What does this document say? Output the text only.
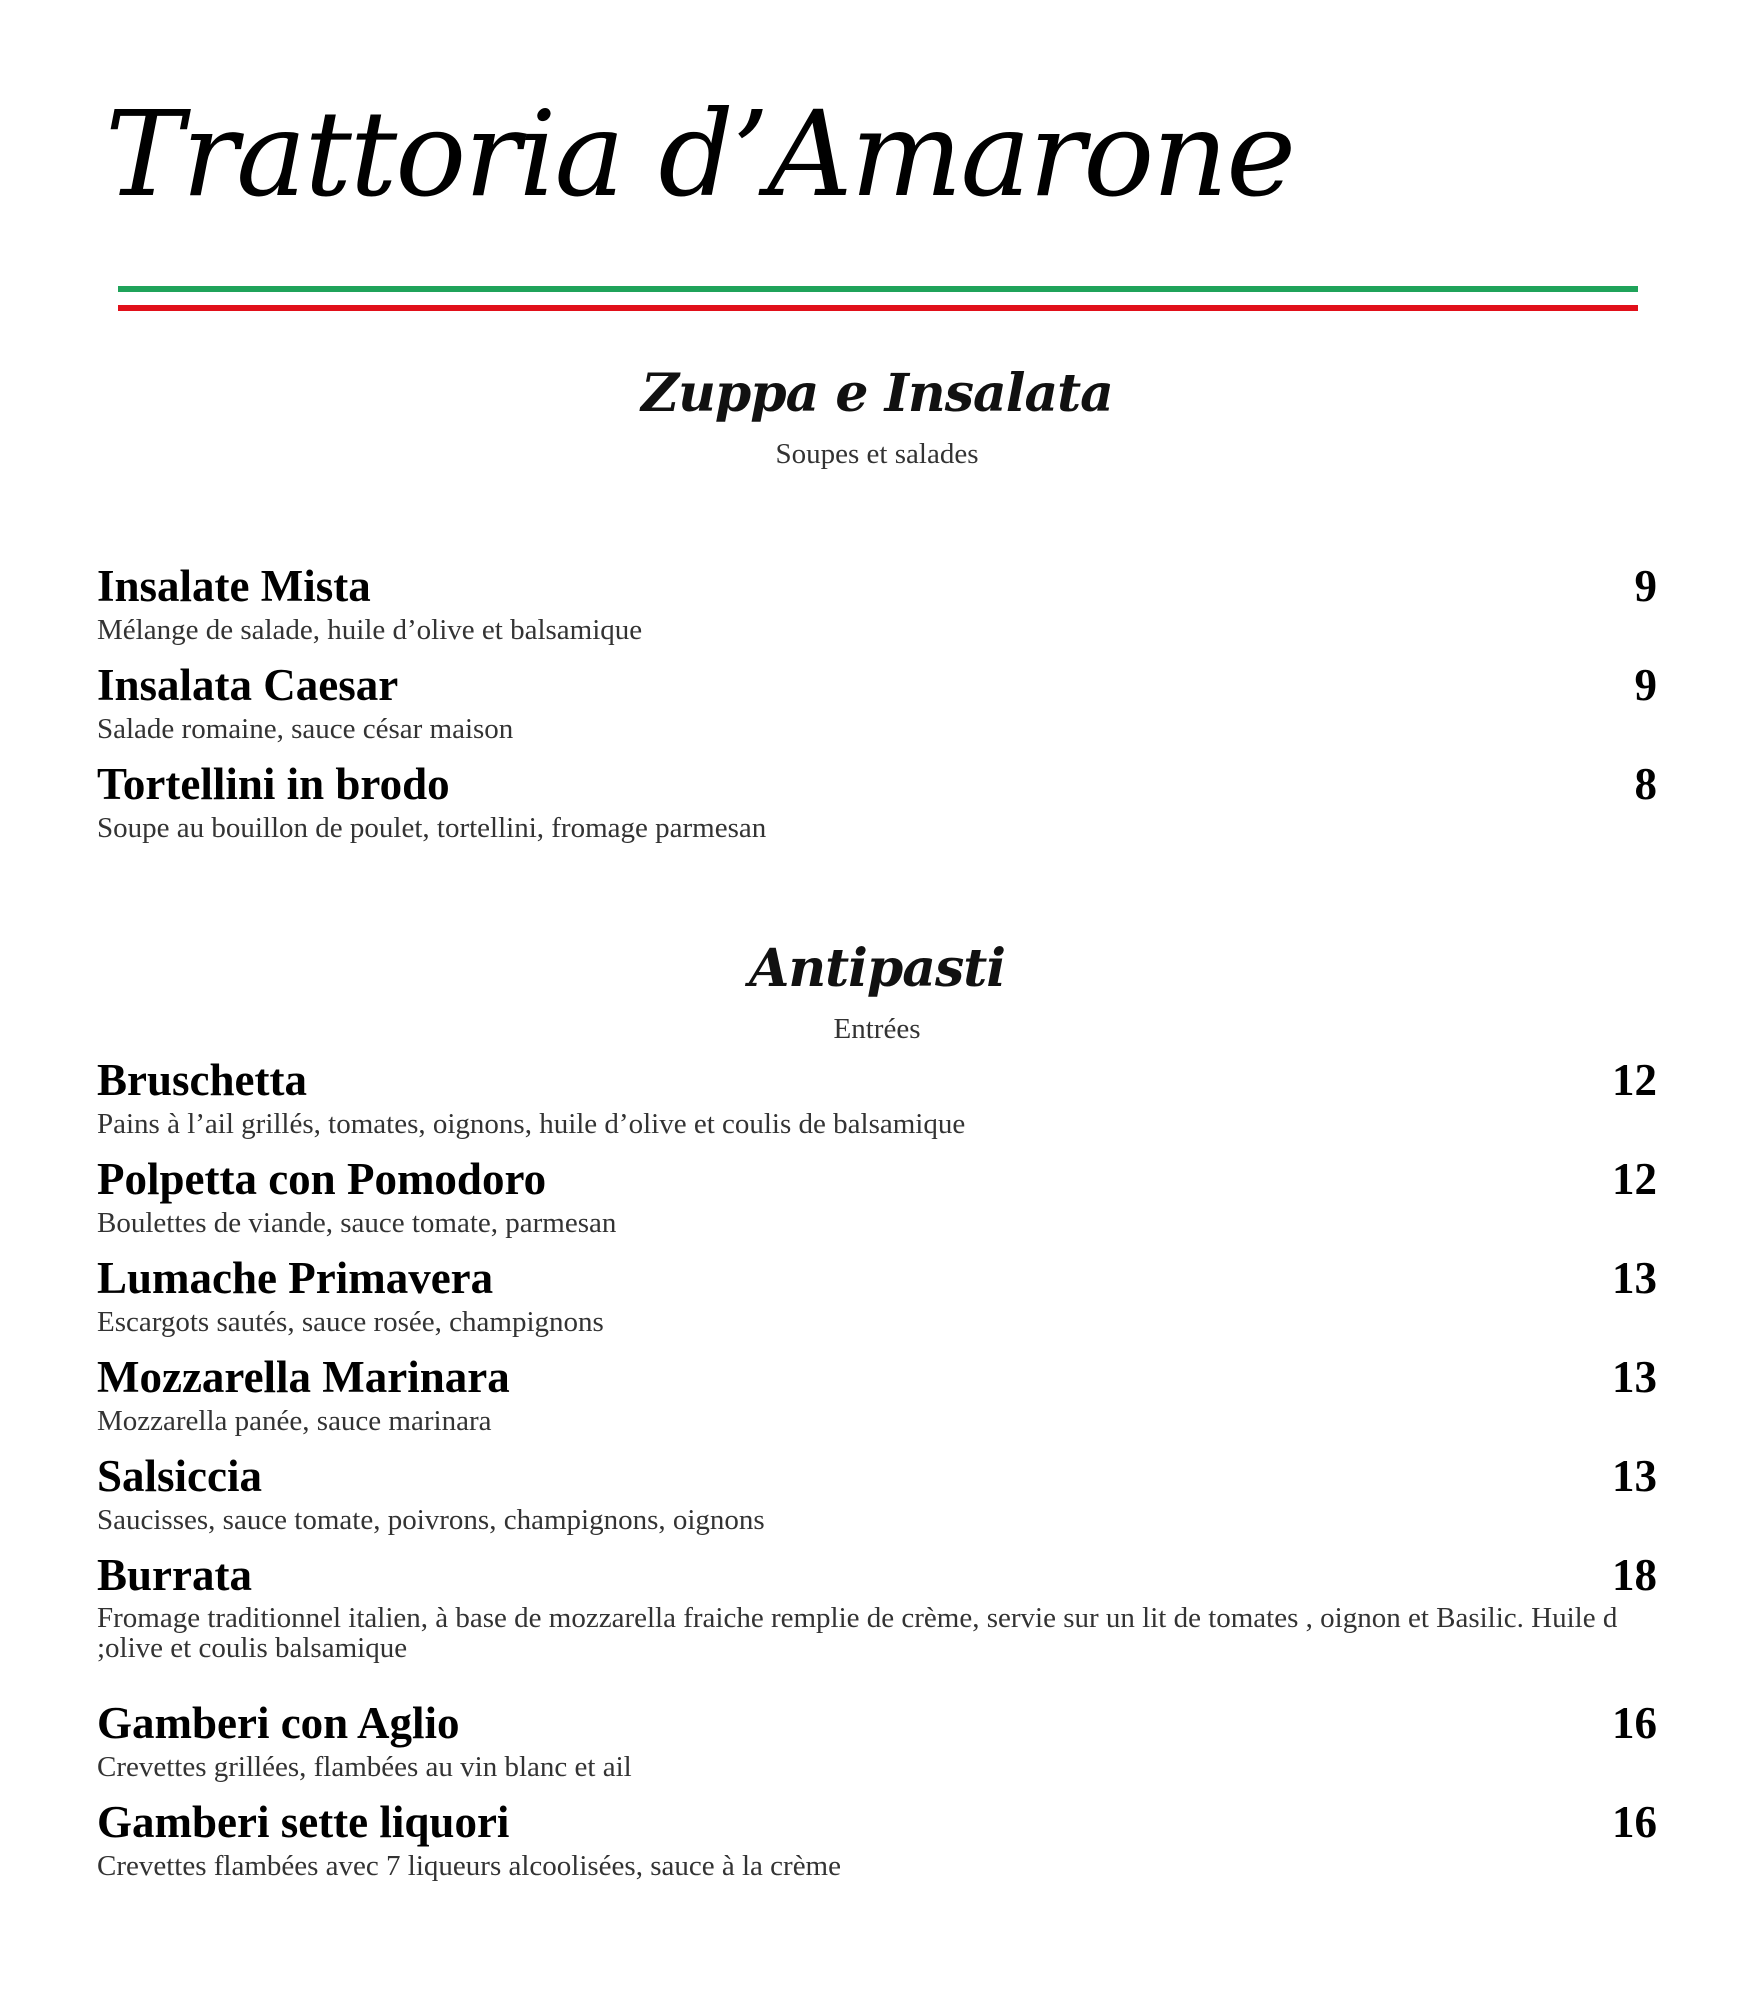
Trattoria d’Amarone
Zuppa e Insalata
Soupes et salades
Insalate Mista	9
Mélange de salade, huile d’olive et balsamique
Insalata Caesar	9
Salade romaine, sauce césar maison
Tortellini in brodo	8
Soupe au bouillon de poulet, tortellini, fromage parmesan
Antipasti
Entrées
Bruschetta	12
Pains à l’ail grillés, tomates, oignons, huile d’olive et coulis de balsamique
Polpetta con Pomodoro	12
Boulettes de viande, sauce tomate, parmesan
Lumache Primavera	13
Escargots sautés, sauce rosée, champignons
Mozzarella Marinara	13
Mozzarella panée, sauce marinara
Salsiccia	13
Saucisses, sauce tomate, poivrons, champignons, oignons
Burrata	18
Fromage traditionnel italien, à base de mozzarella fraiche remplie de crème, servie sur un lit de tomates , oignon et Basilic. Huile d ;olive et coulis balsamique
Gamberi con Aglio	16
Crevettes grillées, flambées au vin blanc et ail
Gamberi sette liquori	16
Crevettes flambées avec 7 liqueurs alcoolisées, sauce à la crème
